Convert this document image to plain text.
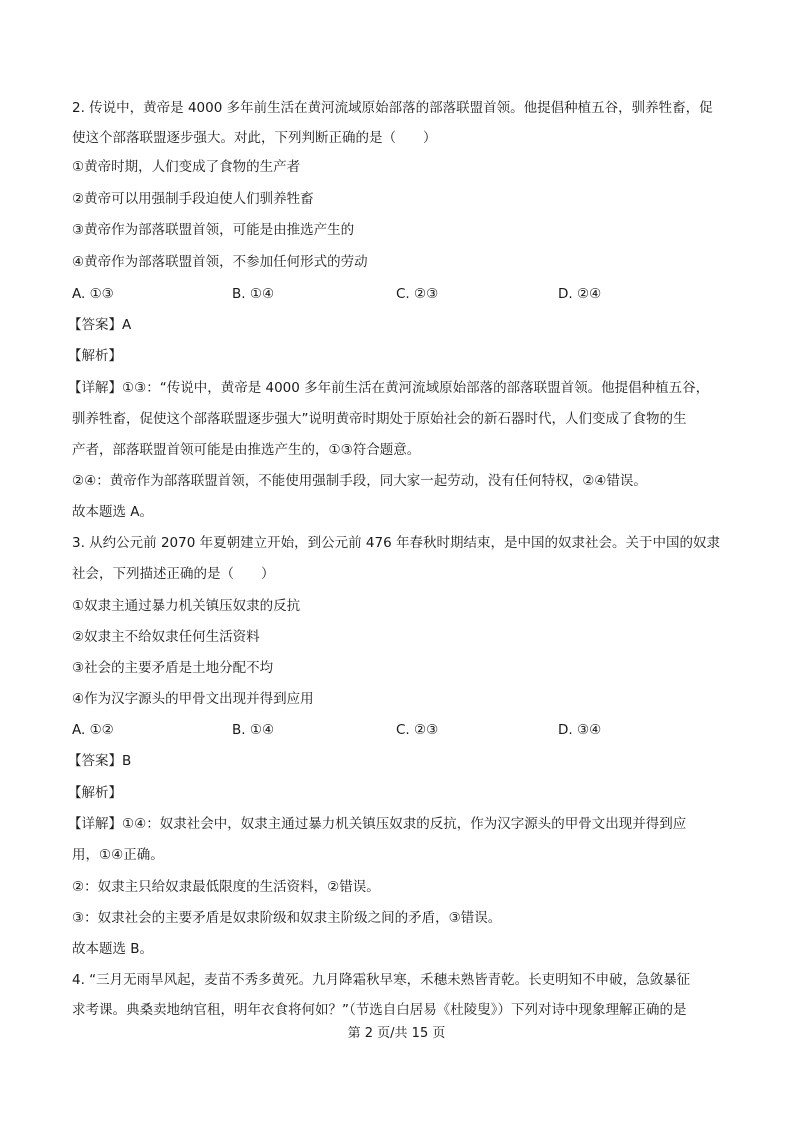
2. 传说中，黄帝是 4000 多年前生活在黄河流域原始部落的部落联盟首领。他提倡种植五谷，驯养牲畜，促
使这个部落联盟逐步强大。对此，下列判断正确的是（　　）
①黄帝时期，人们变成了食物的生产者
②黄帝可以用强制手段迫使人们驯养牲畜
③黄帝作为部落联盟首领，可能是由推选产生的
④黄帝作为部落联盟首领，不参加任何形式的劳动
A. ①③	B. ①④	C. ②③	D. ②④
【答案】A
【解析】
【详解】①③：“传说中，黄帝是 4000 多年前生活在黄河流域原始部落的部落联盟首领。他提倡种植五谷，
驯养牲畜，促使这个部落联盟逐步强大”说明黄帝时期处于原始社会的新石器时代，人们变成了食物的生
产者，部落联盟首领可能是由推选产生的，①③符合题意。
②④：黄帝作为部落联盟首领，不能使用强制手段，同大家一起劳动，没有任何特权，②④错误。
故本题选 A。
3. 从约公元前 2070 年夏朝建立开始，到公元前 476 年春秋时期结束，是中国的奴隶社会。关于中国的奴隶
社会，下列描述正确的是（　　）
①奴隶主通过暴力机关镇压奴隶的反抗
②奴隶主不给奴隶任何生活资料
③社会的主要矛盾是土地分配不均
④作为汉字源头的甲骨文出现并得到应用
A. ①②	B. ①④	C. ②③	D. ③④
【答案】B
【解析】
【详解】①④：奴隶社会中，奴隶主通过暴力机关镇压奴隶的反抗，作为汉字源头的甲骨文出现并得到应
用，①④正确。
②：奴隶主只给奴隶最低限度的生活资料，②错误。
③：奴隶社会的主要矛盾是奴隶阶级和奴隶主阶级之间的矛盾，③错误。
故本题选 B。
4. “三月无雨旱风起，麦苗不秀多黄死。九月降霜秋早寒，禾穗未熟皆青乾。长吏明知不申破，急敛暴征
求考课。典桑卖地纳官租，明年衣食将何如？”（节选自白居易《杜陵叟》）下列对诗中现象理解正确的是
第 2 页/共 15 页
